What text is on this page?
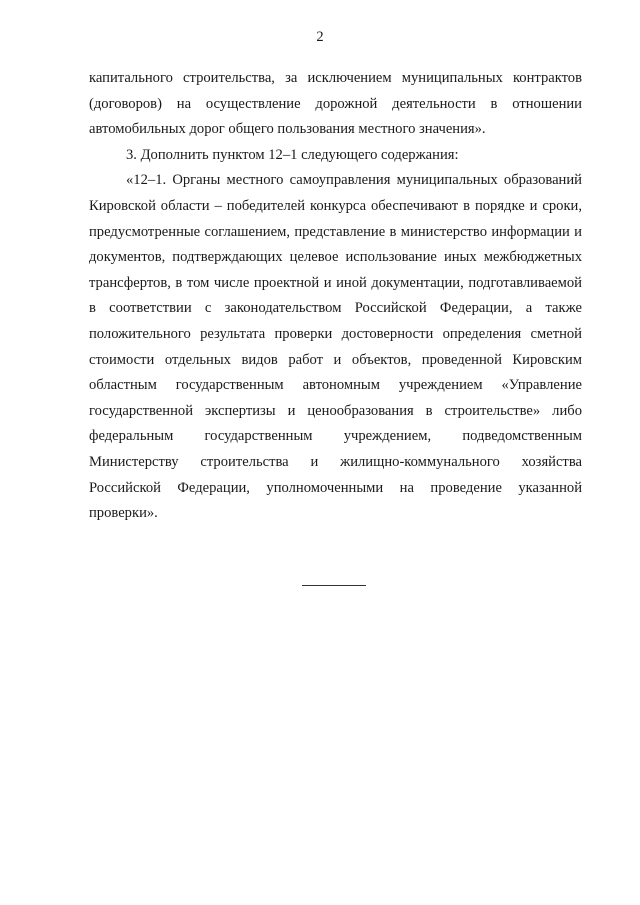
2

капитального строительства, за исключением муниципальных контрактов (договоров) на осуществление дорожной деятельности в отношении автомобильных дорог общего пользования местного значения».

3. Дополнить пунктом 12–1 следующего содержания:

«12–1. Органы местного самоуправления муниципальных образований Кировской области – победителей конкурса обеспечивают в порядке и сроки, предусмотренные соглашением, представление в министерство информации и документов, подтверждающих целевое использование иных межбюджетных трансфертов, в том числе проектной и иной документации, подготавливаемой в соответствии с законодательством Российской Федерации, а также положительного результата проверки достоверности определения сметной стоимости отдельных видов работ и объектов, проведенной Кировским областным государственным автономным учреждением «Управление государственной экспертизы и ценообразования в строительстве» либо федеральным государственным учреждением, подведомственным Министерству строительства и жилищно-коммунального хозяйства Российской Федерации, уполномоченными на проведение указанной проверки».
